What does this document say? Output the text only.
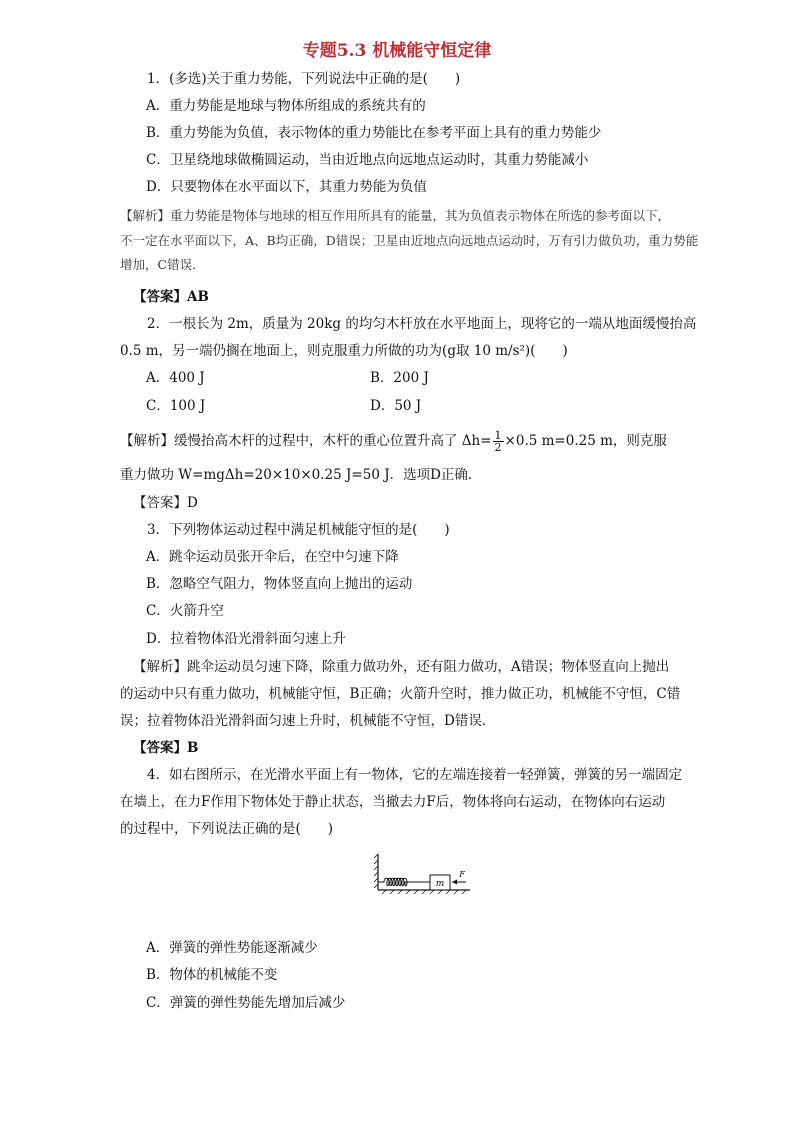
专题5.3 机械能守恒定律
1．(多选)关于重力势能，下列说法中正确的是(　　)
A．重力势能是地球与物体所组成的系统共有的
B．重力势能为负值，表示物体的重力势能比在参考平面上具有的重力势能少
C．卫星绕地球做椭圆运动，当由近地点向远地点运动时，其重力势能减小
D．只要物体在水平面以下，其重力势能为负值
【解析】重力势能是物体与地球的相互作用所具有的能量，其为负值表示物体在所选的参考面以下，
不一定在水平面以下，A、B均正确，D错误；卫星由近地点向远地点运动时，万有引力做负功，重力势能
增加，C错误．
【答案】AB
2．一根长为 2m，质量为 20kg 的均匀木杆放在水平地面上，现将它的一端从地面缓慢抬高
0.5 m，另一端仍搁在地面上，则克服重力所做的功为(g取 10 m/s²)(　　)
A．400 J	B．200 J
C．100 J	D．50 J
【解析】缓慢抬高木杆的过程中，木杆的重心位置升高了 $\Delta h= \frac{1}{2} \times 0.5$ m=0.25 m，则克服
重力做功 W=mgΔh=20×10×0.25 J=50 J．选项D正确．
【答案】D
3．下列物体运动过程中满足机械能守恒的是(　　)
A．跳伞运动员张开伞后，在空中匀速下降
B．忽略空气阻力，物体竖直向上抛出的运动
C．火箭升空
D．拉着物体沿光滑斜面匀速上升
【解析】跳伞运动员匀速下降，除重力做功外，还有阻力做功，A错误；物体竖直向上抛出
的运动中只有重力做功，机械能守恒，B正确；火箭升空时，推力做正功，机械能不守恒，C错
误；拉着物体沿光滑斜面匀速上升时，机械能不守恒，D错误．
【答案】B
4．如右图所示，在光滑水平面上有一物体，它的左端连接着一轻弹簧，弹簧的另一端固定
在墙上，在力F作用下物体处于静止状态，当撤去力F后，物体将向右运动，在物体向右运动
的过程中，下列说法正确的是(　　)
m
F
A．弹簧的弹性势能逐渐减少
B．物体的机械能不变
C．弹簧的弹性势能先增加后减少
